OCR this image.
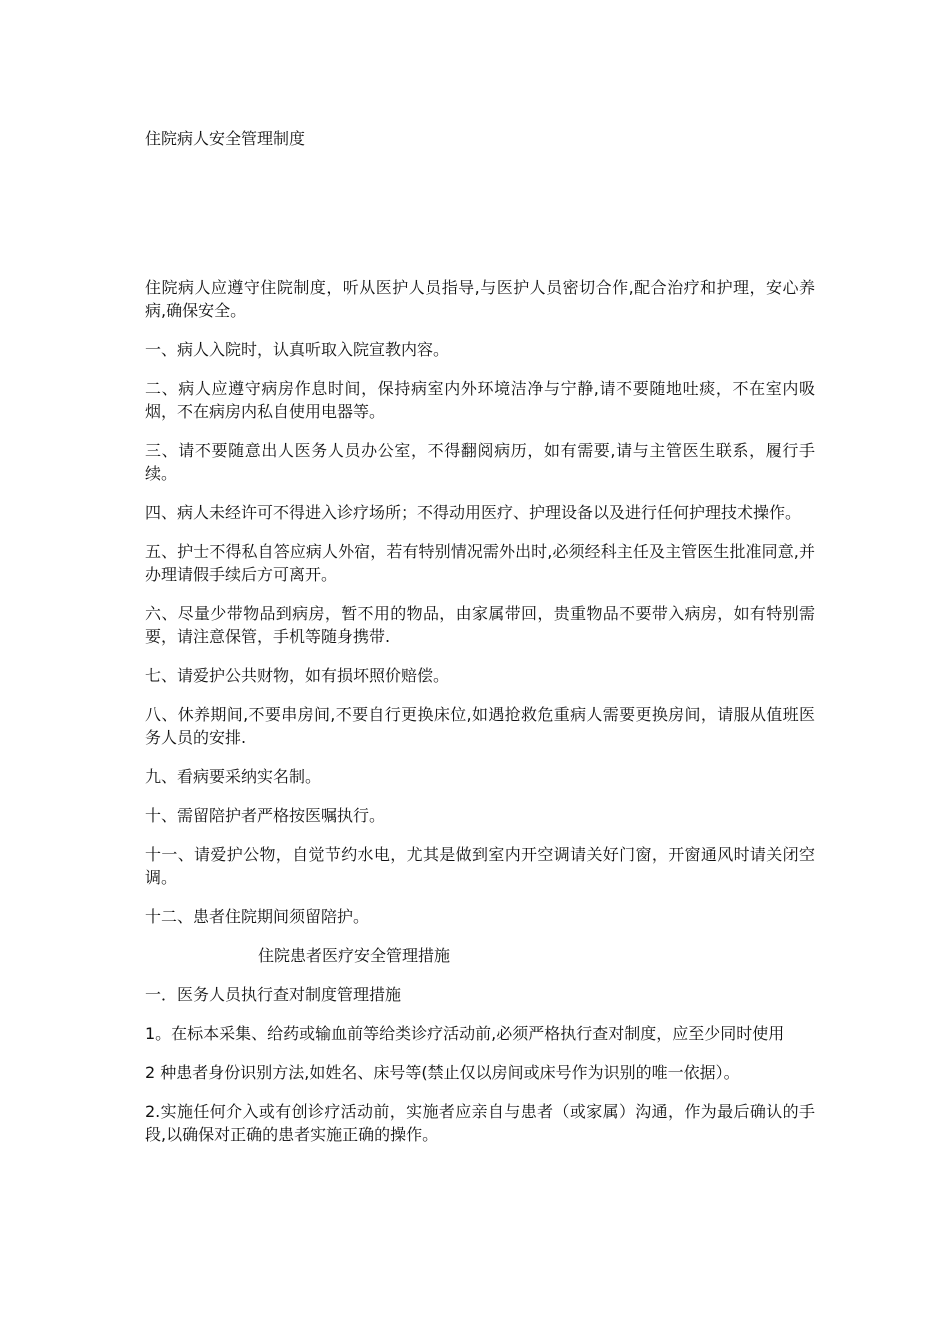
住院病人安全管理制度

住院病人应遵守住院制度，听从医护人员指导,与医护人员密切合作,配合治疗和护理，安心养病,确保安全。

一、病人入院时，认真听取入院宣教内容。

二、病人应遵守病房作息时间，保持病室内外环境洁净与宁静,请不要随地吐痰，不在室内吸烟，不在病房内私自使用电器等。

三、请不要随意出人医务人员办公室，不得翻阅病历，如有需要,请与主管医生联系，履行手续。

四、病人未经许可不得进入诊疗场所；不得动用医疗、护理设备以及进行任何护理技术操作。

五、护士不得私自答应病人外宿，若有特别情况需外出时,必须经科主任及主管医生批准同意,并办理请假手续后方可离开。

六、尽量少带物品到病房，暂不用的物品，由家属带回，贵重物品不要带入病房，如有特别需要，请注意保管，手机等随身携带.

七、请爱护公共财物，如有损坏照价赔偿。

八、休养期间,不要串房间,不要自行更换床位,如遇抢救危重病人需要更换房间，请服从值班医务人员的安排.

九、看病要采纳实名制。

十、需留陪护者严格按医嘱执行。

十一、请爱护公物，自觉节约水电，尤其是做到室内开空调请关好门窗，开窗通风时请关闭空调。

十二、患者住院期间须留陪护。

住院患者医疗安全管理措施

一．医务人员执行查对制度管理措施

1。在标本采集、给药或输血前等给类诊疗活动前,必须严格执行查对制度，应至少同时使用

2 种患者身份识别方法,如姓名、床号等(禁止仅以房间或床号作为识别的唯一依据）。

2.实施任何介入或有创诊疗活动前，实施者应亲自与患者（或家属）沟通，作为最后确认的手段,以确保对正确的患者实施正确的操作。
